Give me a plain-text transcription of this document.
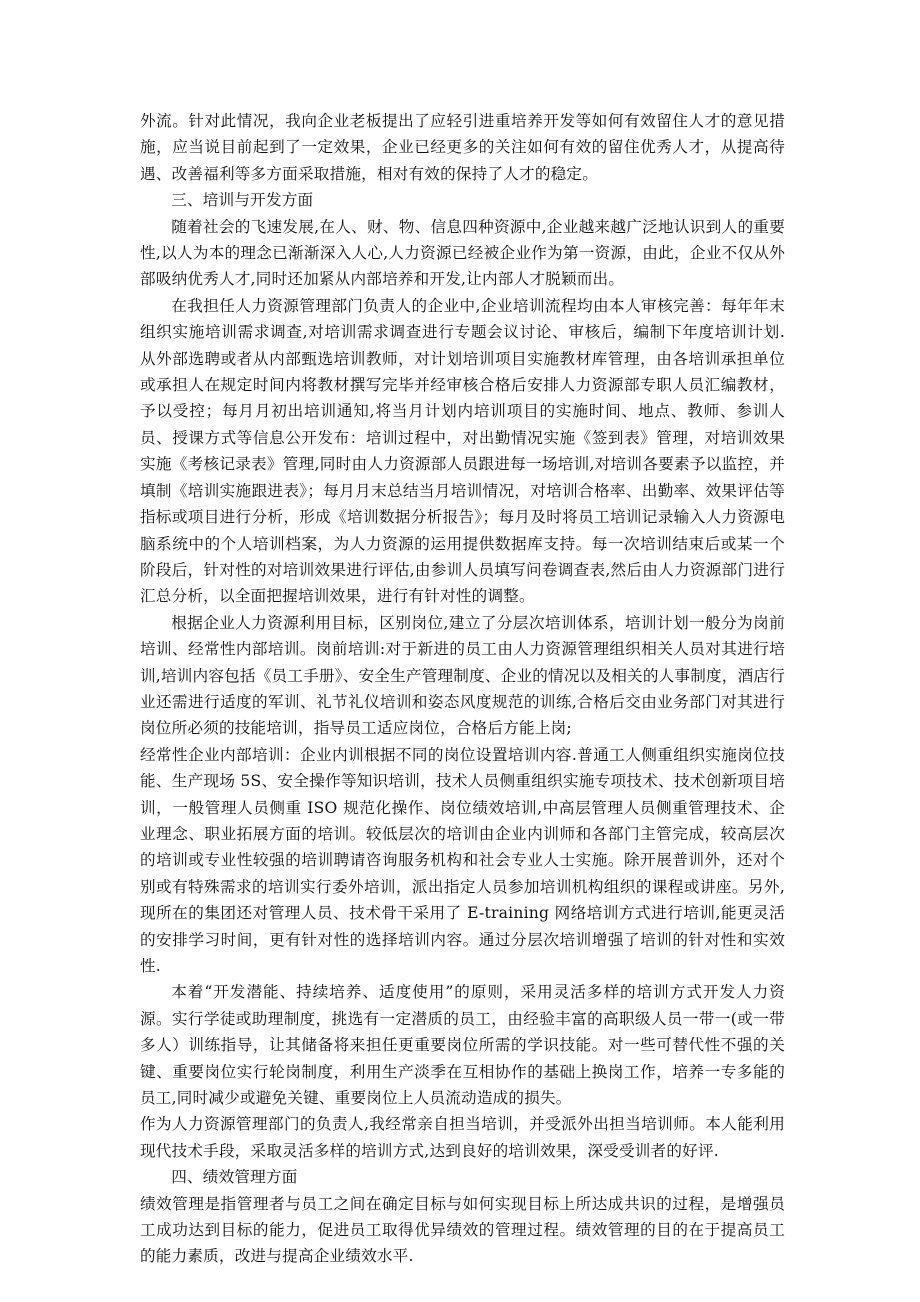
外流。针对此情况，我向企业老板提出了应轻引进重培养开发等如何有效留住人才的意见措施，应当说目前起到了一定效果，企业已经更多的关注如何有效的留住优秀人才，从提高待遇、改善福利等多方面采取措施，相对有效的保持了人才的稳定。

三、培训与开发方面

随着社会的飞速发展,在人、财、物、信息四种资源中,企业越来越广泛地认识到人的重要性,以人为本的理念已渐渐深入人心,人力资源已经被企业作为第一资源，由此，企业不仅从外部吸纳优秀人才,同时还加紧从内部培养和开发,让内部人才脱颖而出。

在我担任人力资源管理部门负责人的企业中,企业培训流程均由本人审核完善：每年年末组织实施培训需求调查,对培训需求调查进行专题会议讨论、审核后，编制下年度培训计划. 从外部选聘或者从内部甄选培训教师，对计划培训项目实施教材库管理，由各培训承担单位或承担人在规定时间内将教材撰写完毕并经审核合格后安排人力资源部专职人员汇编教材，予以受控；每月月初出培训通知,将当月计划内培训项目的实施时间、地点、教师、参训人员、授课方式等信息公开发布：培训过程中，对出勤情况实施《签到表》管理，对培训效果实施《考核记录表》管理,同时由人力资源部人员跟进每一场培训,对培训各要素予以监控，并填制《培训实施跟进表》；每月月末总结当月培训情况，对培训合格率、出勤率、效果评估等指标或项目进行分析，形成《培训数据分析报告》；每月及时将员工培训记录输入人力资源电脑系统中的个人培训档案，为人力资源的运用提供数据库支持。每一次培训结束后或某一个阶段后，针对性的对培训效果进行评估,由参训人员填写问卷调查表,然后由人力资源部门进行汇总分析，以全面把握培训效果，进行有针对性的调整。

根据企业人力资源利用目标，区别岗位,建立了分层次培训体系，培训计划一般分为岗前培训、经常性内部培训。岗前培训:对于新进的员工由人力资源管理组织相关人员对其进行培训,培训内容包括《员工手册》、安全生产管理制度、企业的情况以及相关的人事制度，酒店行业还需进行适度的军训、礼节礼仪培训和姿态风度规范的训练,合格后交由业务部门对其进行岗位所必须的技能培训，指导员工适应岗位，合格后方能上岗;

经常性企业内部培训：企业内训根据不同的岗位设置培训内容.普通工人侧重组织实施岗位技能、生产现场 5S、安全操作等知识培训，技术人员侧重组织实施专项技术、技术创新项目培训，一般管理人员侧重 ISO 规范化操作、岗位绩效培训,中高层管理人员侧重管理技术、企业理念、职业拓展方面的培训。较低层次的培训由企业内训师和各部门主管完成，较高层次的培训或专业性较强的培训聘请咨询服务机构和社会专业人士实施。除开展普训外，还对个别或有特殊需求的培训实行委外培训，派出指定人员参加培训机构组织的课程或讲座。另外,现所在的集团还对管理人员、技术骨干采用了 E-training 网络培训方式进行培训,能更灵活的安排学习时间，更有针对性的选择培训内容。通过分层次培训增强了培训的针对性和实效性.

本着“开发潜能、持续培养、适度使用”的原则，采用灵活多样的培训方式开发人力资源。实行学徒或助理制度，挑选有一定潜质的员工，由经验丰富的高职级人员一带一(或一带多人）训练指导，让其储备将来担任更重要岗位所需的学识技能。对一些可替代性不强的关键、重要岗位实行轮岗制度，利用生产淡季在互相协作的基础上换岗工作，培养一专多能的员工,同时减少或避免关键、重要岗位上人员流动造成的损失。

作为人力资源管理部门的负责人,我经常亲自担当培训，并受派外出担当培训师。本人能利用现代技术手段，采取灵活多样的培训方式,达到良好的培训效果，深受受训者的好评.

四、绩效管理方面

绩效管理是指管理者与员工之间在确定目标与如何实现目标上所达成共识的过程，是增强员工成功达到目标的能力，促进员工取得优异绩效的管理过程。绩效管理的目的在于提高员工的能力素质，改进与提高企业绩效水平.
